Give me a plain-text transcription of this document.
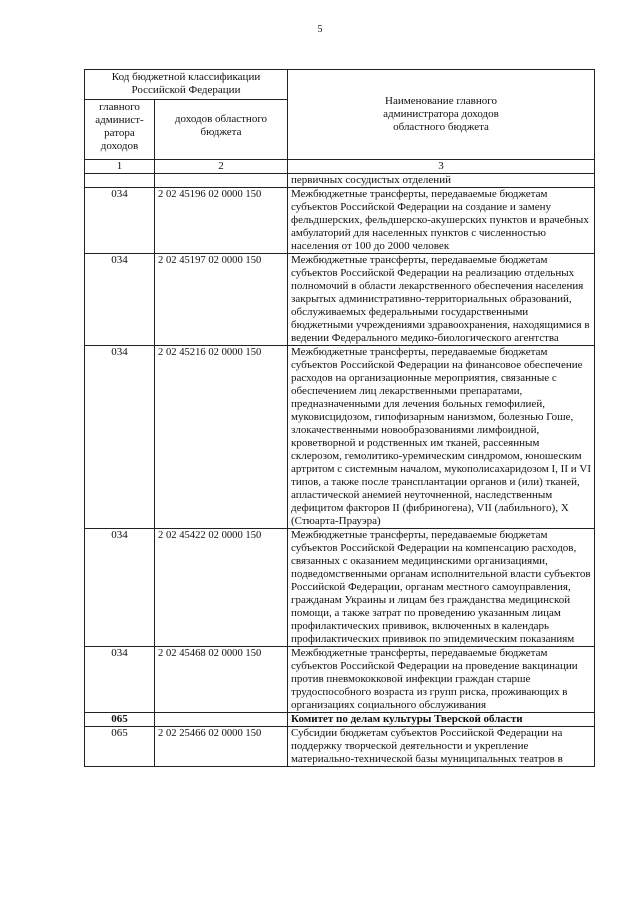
5
Код бюджетной классификации Российской Федерации		Наименование главного администратора доходов областного бюджета

главного админист-ратора доходов	доходов областного бюджета	

1	2	3
		первичных сосудистых отделений
034	2 02 45196 02 0000 150	Межбюджетные трансферты, передаваемые бюджетам субъектов Российской Федерации на создание и замену фельдшерских, фельдшерско-акушерских пунктов и врачебных амбулаторий для населенных пунктов с численностью населения от 100 до 2000 человек
034	2 02 45197 02 0000 150	Межбюджетные трансферты, передаваемые бюджетам субъектов Российской Федерации на реализацию отдельных полномочий в области лекарственного обеспечения населения закрытых административно-территориальных образований, обслуживаемых федеральными государственными бюджетными учреждениями здравоохранения, находящимися в ведении Федерального медико-биологического агентства
034	2 02 45216 02 0000 150	Межбюджетные трансферты, передаваемые бюджетам субъектов Российской Федерации на финансовое обеспечение расходов на организационные мероприятия, связанные с обеспечением лиц лекарственными препаратами, предназначенными для лечения больных гемофилией, муковисцидозом, гипофизарным нанизмом, болезнью Гоше, злокачественными новообразованиями лимфоидной, кроветворной и родственных им тканей, рассеянным склерозом, гемолитико-уремическим синдромом, юношеским артритом с системным началом, мукополисахаридозом I, II и VI типов, а также после трансплантации органов и (или) тканей, апластической анемией неуточненной, наследственным дефицитом факторов II (фибриногена), VII (лабильного), X (Стюарта-Прауэра)
034	2 02 45422 02 0000 150	Межбюджетные трансферты, передаваемые бюджетам субъектов Российской Федерации на компенсацию расходов, связанных с оказанием медицинскими организациями, подведомственными органам исполнительной власти субъектов Российской Федерации, органам местного самоуправления, гражданам Украины и лицам без гражданства медицинской помощи, а также затрат по проведению указанным лицам профилактических прививок, включенных в календарь профилактических прививок по эпидемическим показаниям
034	2 02 45468 02 0000 150	Межбюджетные трансферты, передаваемые бюджетам субъектов Российской Федерации на проведение вакцинации против пневмококковой инфекции граждан старше трудоспособного возраста из групп риска, проживающих в организациях социального обслуживания
065		Комитет по делам культуры Тверской области
065	2 02 25466 02 0000 150	Субсидии бюджетам субъектов Российской Федерации на поддержку творческой деятельности и укрепление материально-технической базы муниципальных театров в
